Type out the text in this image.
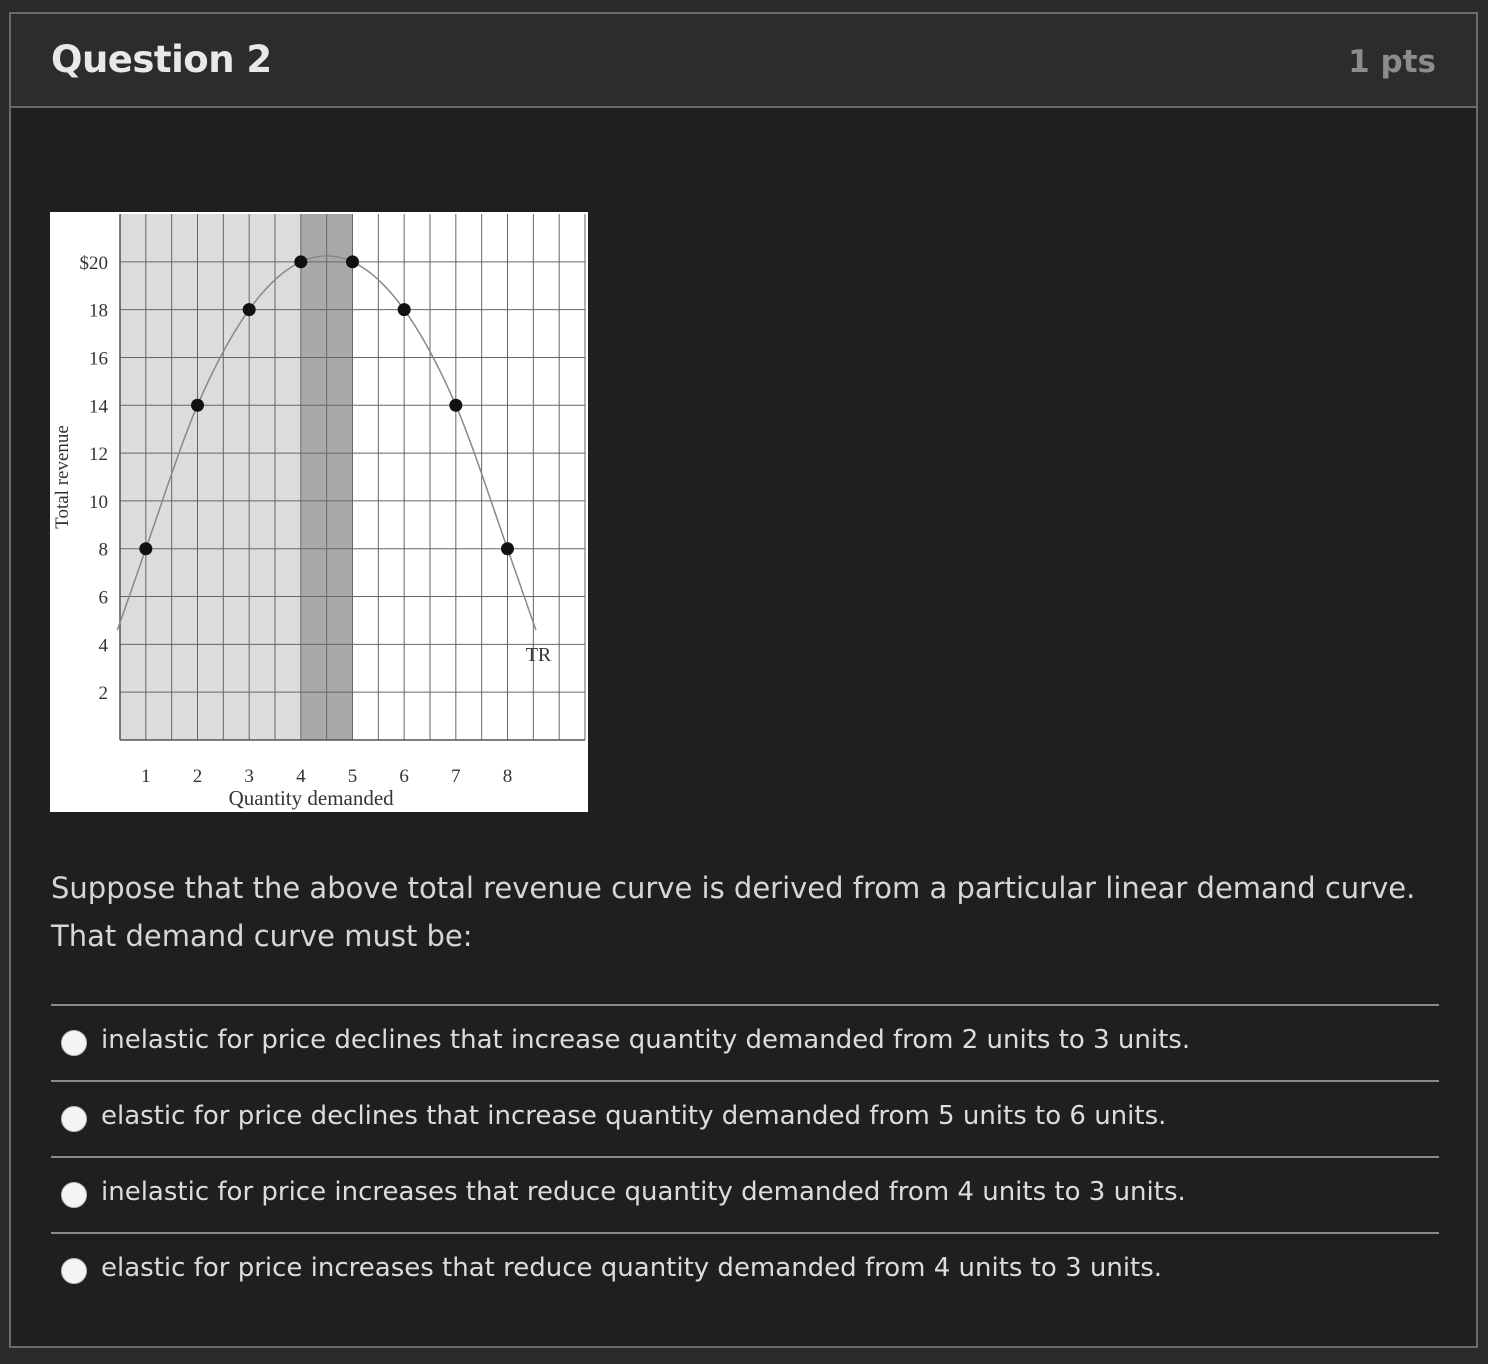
Question 2	1 pts
2
4
6
8
10
12
14
16
18
$20
1 2 3 4 5 6 7 8
Quantity demanded
Total revenue
TR
Suppose that the above total revenue curve is derived from a particular linear demand curve. That demand curve must be:
inelastic for price declines that increase quantity demanded from 2 units to 3 units.
elastic for price declines that increase quantity demanded from 5 units to 6 units.
inelastic for price increases that reduce quantity demanded from 4 units to 3 units.
elastic for price increases that reduce quantity demanded from 4 units to 3 units.
